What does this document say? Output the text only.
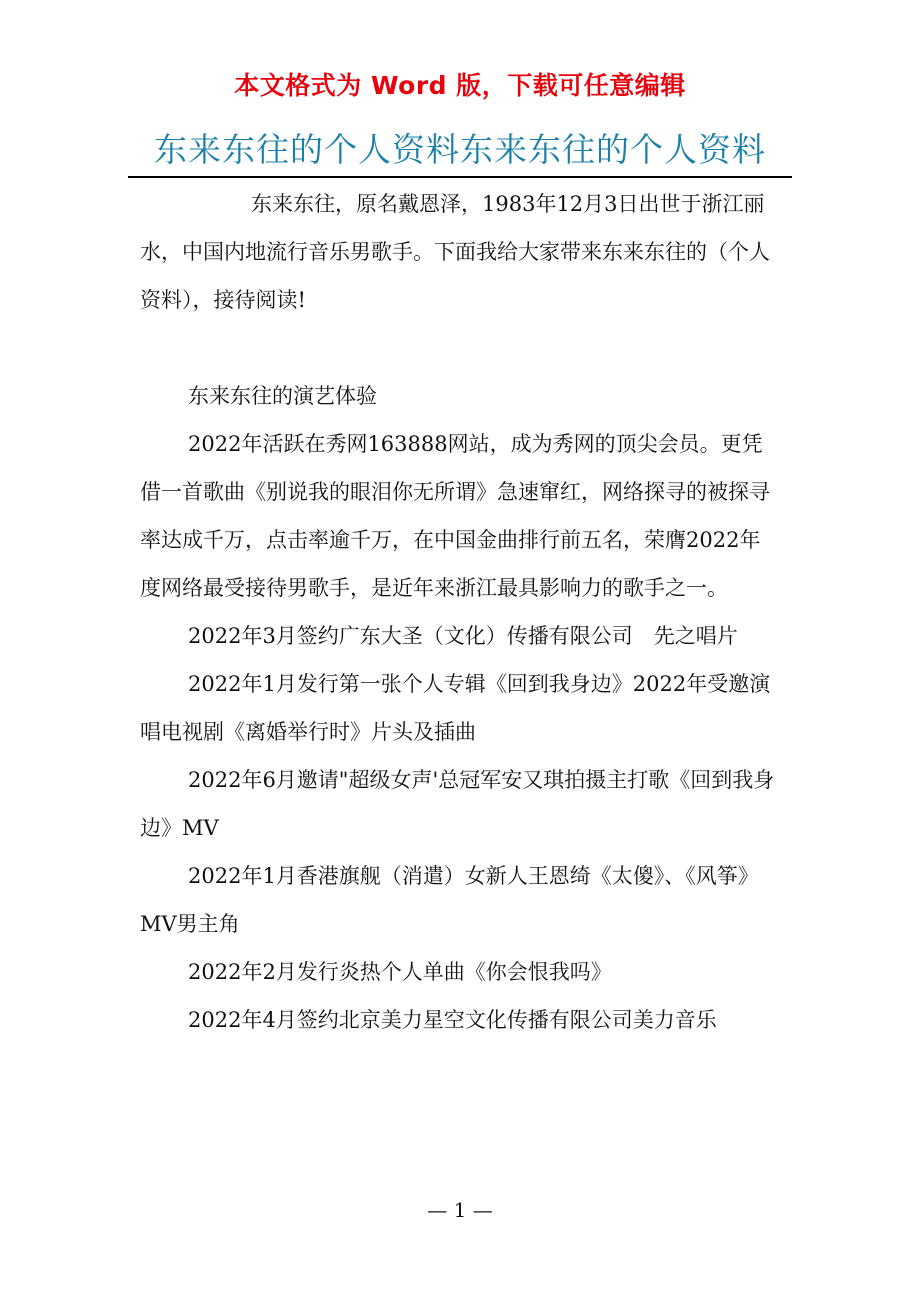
本文格式为 Word 版，下载可任意编辑
东来东往的个人资料东来东往的个人资料

东来东往，原名戴恩泽，1983年12月3日出世于浙江丽水，中国内地流行音乐男歌手。下面我给大家带来东来东往的（个人资料），接待阅读!

东来东往的演艺体验

2022年活跃在秀网163888网站，成为秀网的顶尖会员。更凭借一首歌曲《别说我的眼泪你无所谓》急速窜红，网络探寻的被探寻率达成千万，点击率逾千万，在中国金曲排行前五名，荣膺2022年度网络最受接待男歌手，是近年来浙江最具影响力的歌手之一。

2022年3月签约广东大圣（文化）传播有限公司　先之唱片

2022年1月发行第一张个人专辑《回到我身边》2022年受邀演唱电视剧《离婚举行时》片头及插曲

2022年6月邀请"超级女声'总冠军安又琪拍摄主打歌《回到我身边》MV

2022年1月香港旗舰（消遣）女新人王恩绮《太傻》、《风筝》MV男主角

2022年2月发行炎热个人单曲《你会恨我吗》

2022年4月签约北京美力星空文化传播有限公司美力音乐

— 1 —
